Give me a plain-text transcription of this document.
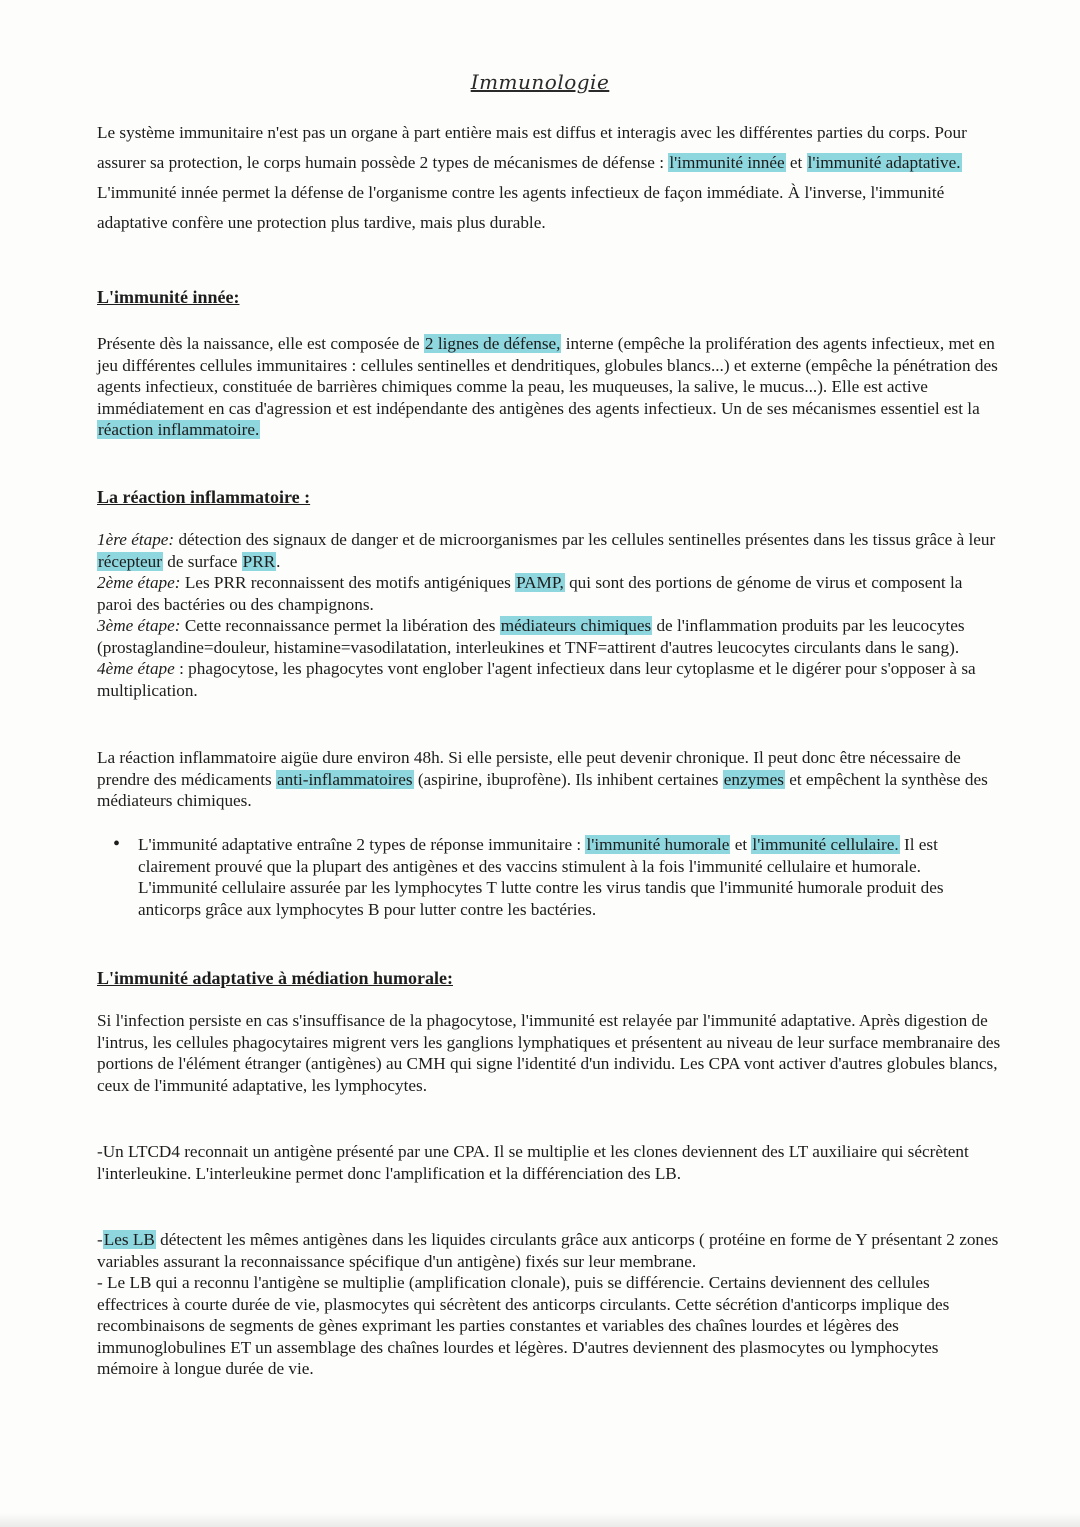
Immunologie
Le système immunitaire n'est pas un organe à part entière mais est diffus et interagis avec les différentes parties du corps. Pour assurer sa protection, le corps humain possède 2 types de mécanismes de défense : l'immunité innée et l'immunité adaptative. L'immunité innée permet la défense de l'organisme contre les agents infectieux de façon immédiate. À l'inverse, l'immunité adaptative confère une protection plus tardive, mais plus durable.
L'immunité innée:
Présente dès la naissance, elle est composée de 2 lignes de défense, interne (empêche la prolifération des agents infectieux, met en jeu différentes cellules immunitaires : cellules sentinelles et dendritiques, globules blancs...) et externe (empêche la pénétration des agents infectieux, constituée de barrières chimiques comme la peau, les muqueuses, la salive, le mucus...). Elle est active immédiatement en cas d'agression et est indépendante des antigènes des agents infectieux. Un de ses mécanismes essentiel est la réaction inflammatoire.
La réaction inflammatoire :
1ère étape: détection des signaux de danger et de microorganismes par les cellules sentinelles présentes dans les tissus grâce à leur récepteur de surface PRR.
2ème étape: Les PRR reconnaissent des motifs antigéniques PAMP, qui sont des portions de génome de virus et composent la paroi des bactéries ou des champignons.
3ème étape: Cette reconnaissance permet la libération des médiateurs chimiques de l'inflammation produits par les leucocytes (prostaglandine=douleur, histamine=vasodilatation, interleukines et TNF=attirent d'autres leucocytes circulants dans le sang).
4ème étape : phagocytose, les phagocytes vont englober l'agent infectieux dans leur cytoplasme et le digérer pour s'opposer à sa multiplication.
La réaction inflammatoire aigüe dure environ 48h. Si elle persiste, elle peut devenir chronique. Il peut donc être nécessaire de prendre des médicaments anti-inflammatoires (aspirine, ibuprofène). Ils inhibent certaines enzymes et empêchent la synthèse des médiateurs chimiques.
•	L'immunité adaptative entraîne 2 types de réponse immunitaire : l'immunité humorale et l'immunité cellulaire. Il est clairement prouvé que la plupart des antigènes et des vaccins stimulent à la fois l'immunité cellulaire et humorale. L'immunité cellulaire assurée par les lymphocytes T lutte contre les virus tandis que l'immunité humorale produit des anticorps grâce aux lymphocytes B pour lutter contre les bactéries.
L'immunité adaptative à médiation humorale:
Si l'infection persiste en cas s'insuffisance de la phagocytose, l'immunité est relayée par l'immunité adaptative. Après digestion de l'intrus, les cellules phagocytaires migrent vers les ganglions lymphatiques et présentent au niveau de leur surface membranaire des portions de l'élément étranger (antigènes) au CMH qui signe l'identité d'un individu. Les CPA vont activer d'autres globules blancs, ceux de l'immunité adaptative, les lymphocytes.
-Un LTCD4 reconnait un antigène présenté par une CPA. Il se multiplie et les clones deviennent des LT auxiliaire qui sécrètent l'interleukine. L'interleukine permet donc l'amplification et la différenciation des LB.
-Les LB détectent les mêmes antigènes dans les liquides circulants grâce aux anticorps ( protéine en forme de Y présentant 2 zones variables assurant la reconnaissance spécifique d'un antigène) fixés sur leur membrane.
- Le LB qui a reconnu l'antigène se multiplie (amplification clonale), puis se différencie. Certains deviennent des cellules effectrices à courte durée de vie, plasmocytes qui sécrètent des anticorps circulants. Cette sécrétion d'anticorps implique des recombinaisons de segments de gènes exprimant les parties constantes et variables des chaînes lourdes et légères des immunoglobulines ET un assemblage des chaînes lourdes et légères. D'autres deviennent des plasmocytes ou lymphocytes mémoire à longue durée de vie.
